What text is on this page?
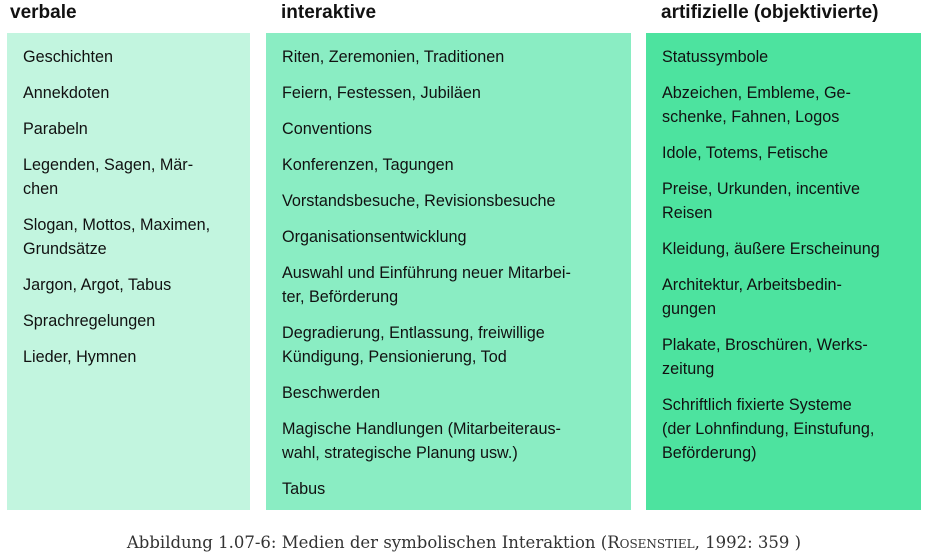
verbale
Geschichten
Annekdoten
Parabeln
Legenden, Sagen, Mär-
chen
Slogan, Mottos, Maximen,
Grundsätze
Jargon, Argot, Tabus
Sprachregelungen
Lieder, Hymnen
interaktive
Riten, Zeremonien, Traditionen
Feiern, Festessen, Jubiläen
Conventions
Konferenzen, Tagungen
Vorstandsbesuche, Revisionsbesuche
Organisationsentwicklung
Auswahl und Einführung neuer Mitarbei-
ter, Beförderung
Degradierung, Entlassung, freiwillige
Kündigung, Pensionierung, Tod
Beschwerden
Magische Handlungen (Mitarbeiteraus-
wahl, strategische Planung usw.)
Tabus
artifizielle (objektivierte)
Statussymbole
Abzeichen, Embleme, Ge-
schenke, Fahnen, Logos
Idole, Totems, Fetische
Preise, Urkunden, incentive
Reisen
Kleidung, äußere Erscheinung
Architektur, Arbeitsbedin-
gungen
Plakate, Broschüren, Werks-
zeitung
Schriftlich fixierte Systeme
(der Lohnfindung, Einstufung,
Beförderung)
Abbildung 1.07-6: Medien der symbolischen Interaktion (Rosenstiel, 1992: 359 )
